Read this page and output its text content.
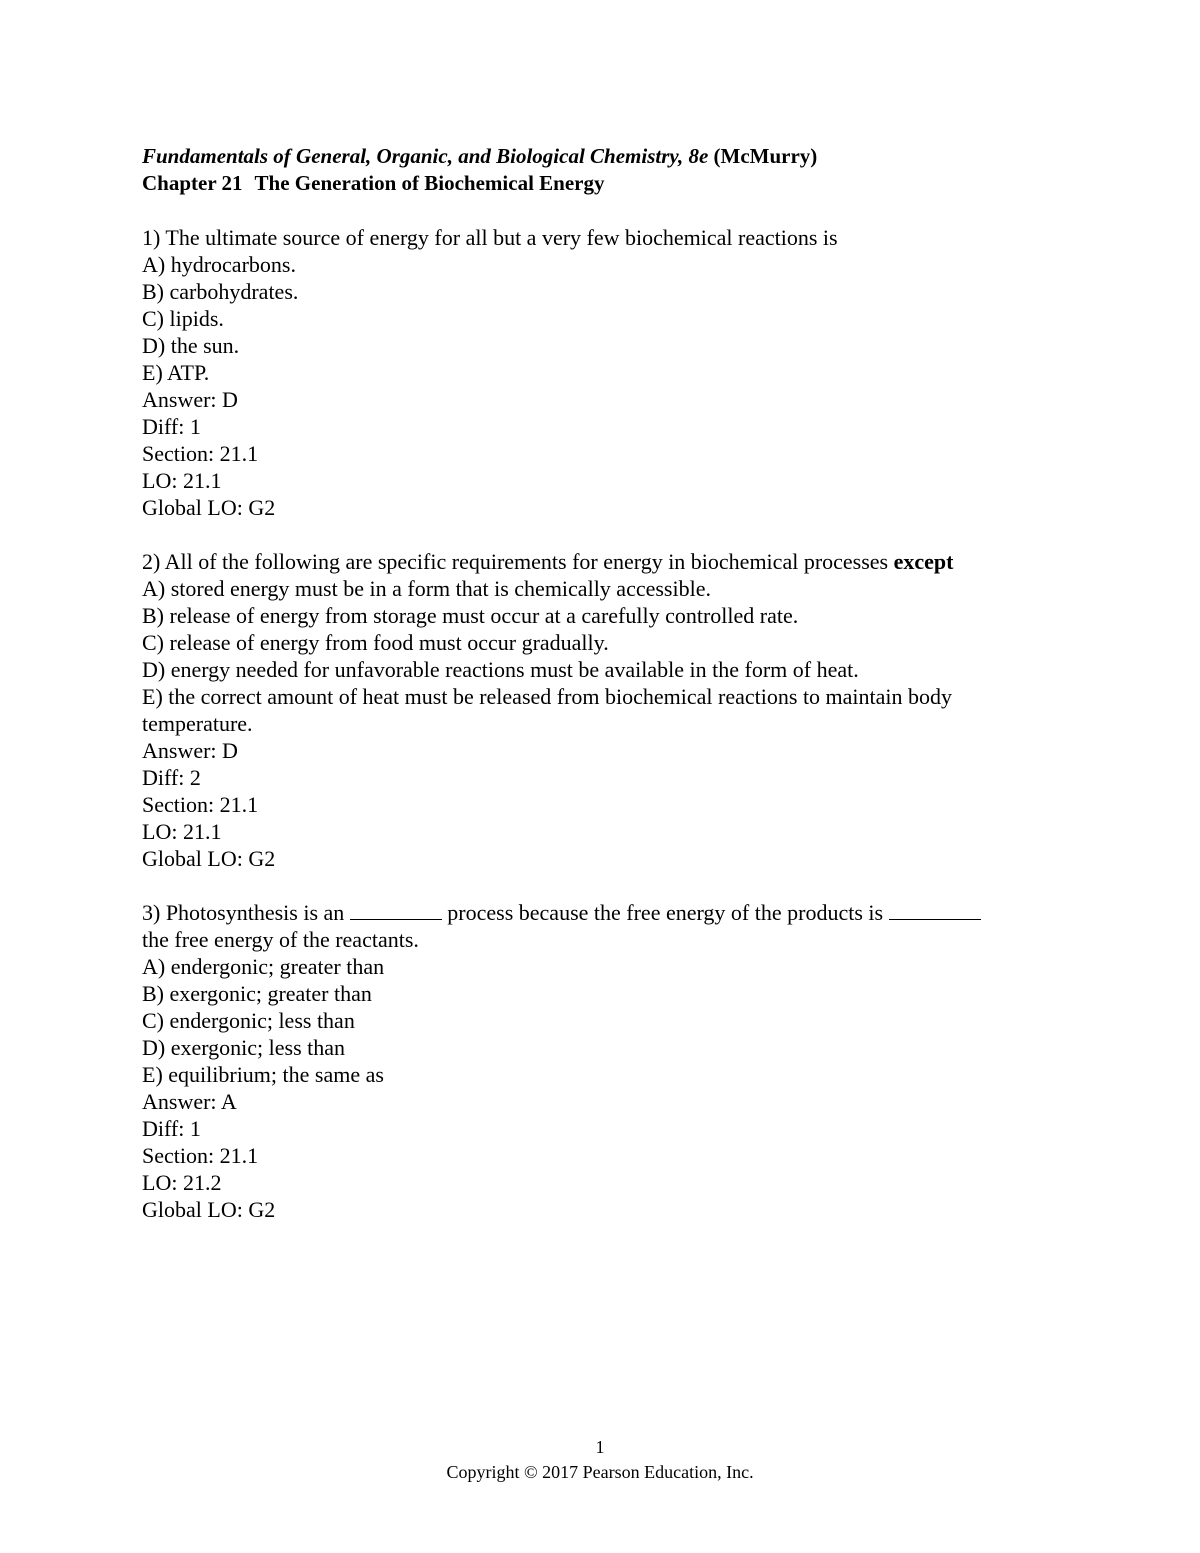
Fundamentals of General, Organic, and Biological Chemistry, 8e (McMurry)
Chapter 21 The Generation of Biochemical Energy
1) The ultimate source of energy for all but a very few biochemical reactions is
A) hydrocarbons.
B) carbohydrates.
C) lipids.
D) the sun.
E) ATP.
Answer: D
Diff: 1
Section: 21.1
LO: 21.1
Global LO: G2
2) All of the following are specific requirements for energy in biochemical processes except
A) stored energy must be in a form that is chemically accessible.
B) release of energy from storage must occur at a carefully controlled rate.
C) release of energy from food must occur gradually.
D) energy needed for unfavorable reactions must be available in the form of heat.
E) the correct amount of heat must be released from biochemical reactions to maintain body temperature.
Answer: D
Diff: 2
Section: 21.1
LO: 21.1
Global LO: G2
3) Photosynthesis is an	process because the free energy of the products is
the free energy of the reactants.
A) endergonic; greater than
B) exergonic; greater than
C) endergonic; less than
D) exergonic; less than
E) equilibrium; the same as
Answer: A
Diff: 1
Section: 21.1
LO: 21.2
Global LO: G2
1
Copyright © 2017 Pearson Education, Inc.
